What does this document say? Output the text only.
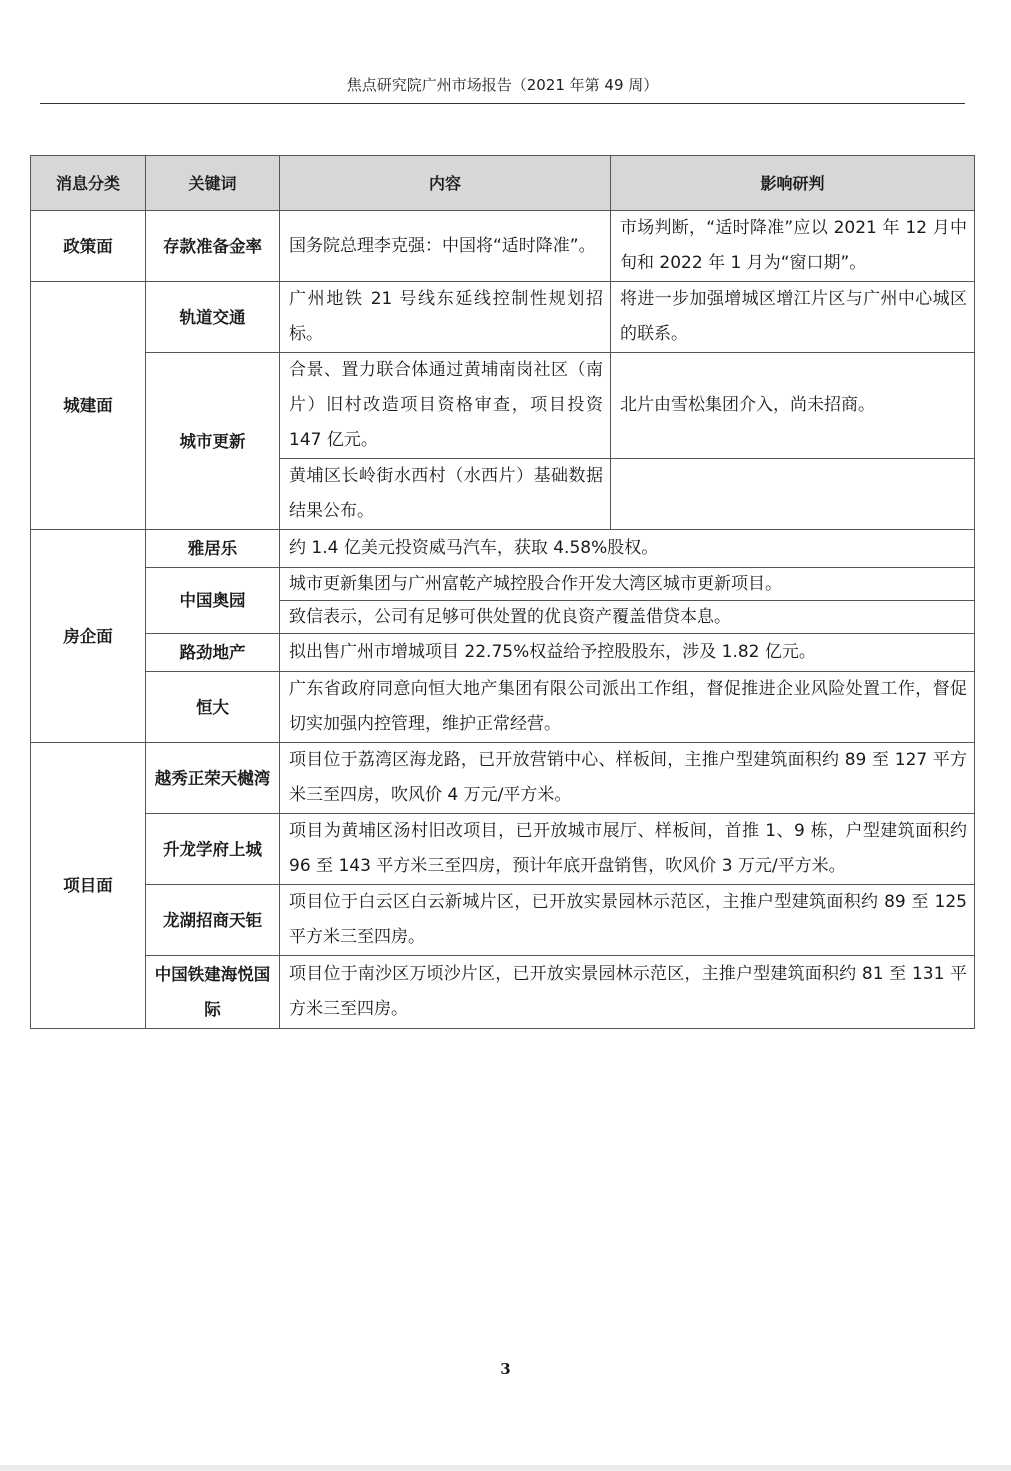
焦点研究院广州市场报告（2021 年第 49 周）
消息分类	关键词	内容	影响研判
政策面	存款准备金率	国务院总理李克强：中国将“适时降准”。	市场判断，“适时降准”应以 2021 年 12 月中旬和 2022 年 1 月为“窗口期”。
城建面	轨道交通	广州地铁 21 号线东延线控制性规划招标。	将进一步加强增城区增江片区与广州中心城区的联系。
	城市更新	合景、置力联合体通过黄埔南岗社区（南片）旧村改造项目资格审查，项目投资 147 亿元。	北片由雪松集团介入，尚未招商。
		黄埔区长岭街水西村（水西片）基础数据结果公布。	
房企面	雅居乐	约 1.4 亿美元投资威马汽车，获取 4.58%股权。	
	中国奥园	城市更新集团与广州富乾产城控股合作开发大湾区城市更新项目。	
		致信表示，公司有足够可供处置的优良资产覆盖借贷本息。	
	路劲地产	拟出售广州市增城项目 22.75%权益给予控股股东，涉及 1.82 亿元。	
	恒大	广东省政府同意向恒大地产集团有限公司派出工作组，督促推进企业风险处置工作，督促切实加强内控管理，维护正常经营。	
项目面	越秀正荣天樾湾	项目位于荔湾区海龙路，已开放营销中心、样板间，主推户型建筑面积约 89 至 127 平方米三至四房，吹风价 4 万元/平方米。	
	升龙学府上城	项目为黄埔区汤村旧改项目，已开放城市展厅、样板间，首推 1、9 栋，户型建筑面积约 96 至 143 平方米三至四房，预计年底开盘销售，吹风价 3 万元/平方米。	
	龙湖招商天钜	项目位于白云区白云新城片区，已开放实景园林示范区，主推户型建筑面积约 89 至 125 平方米三至四房。	
	中国铁建海悦国际	项目位于南沙区万顷沙片区，已开放实景园林示范区，主推户型建筑面积约 81 至 131 平方米三至四房。	
3
